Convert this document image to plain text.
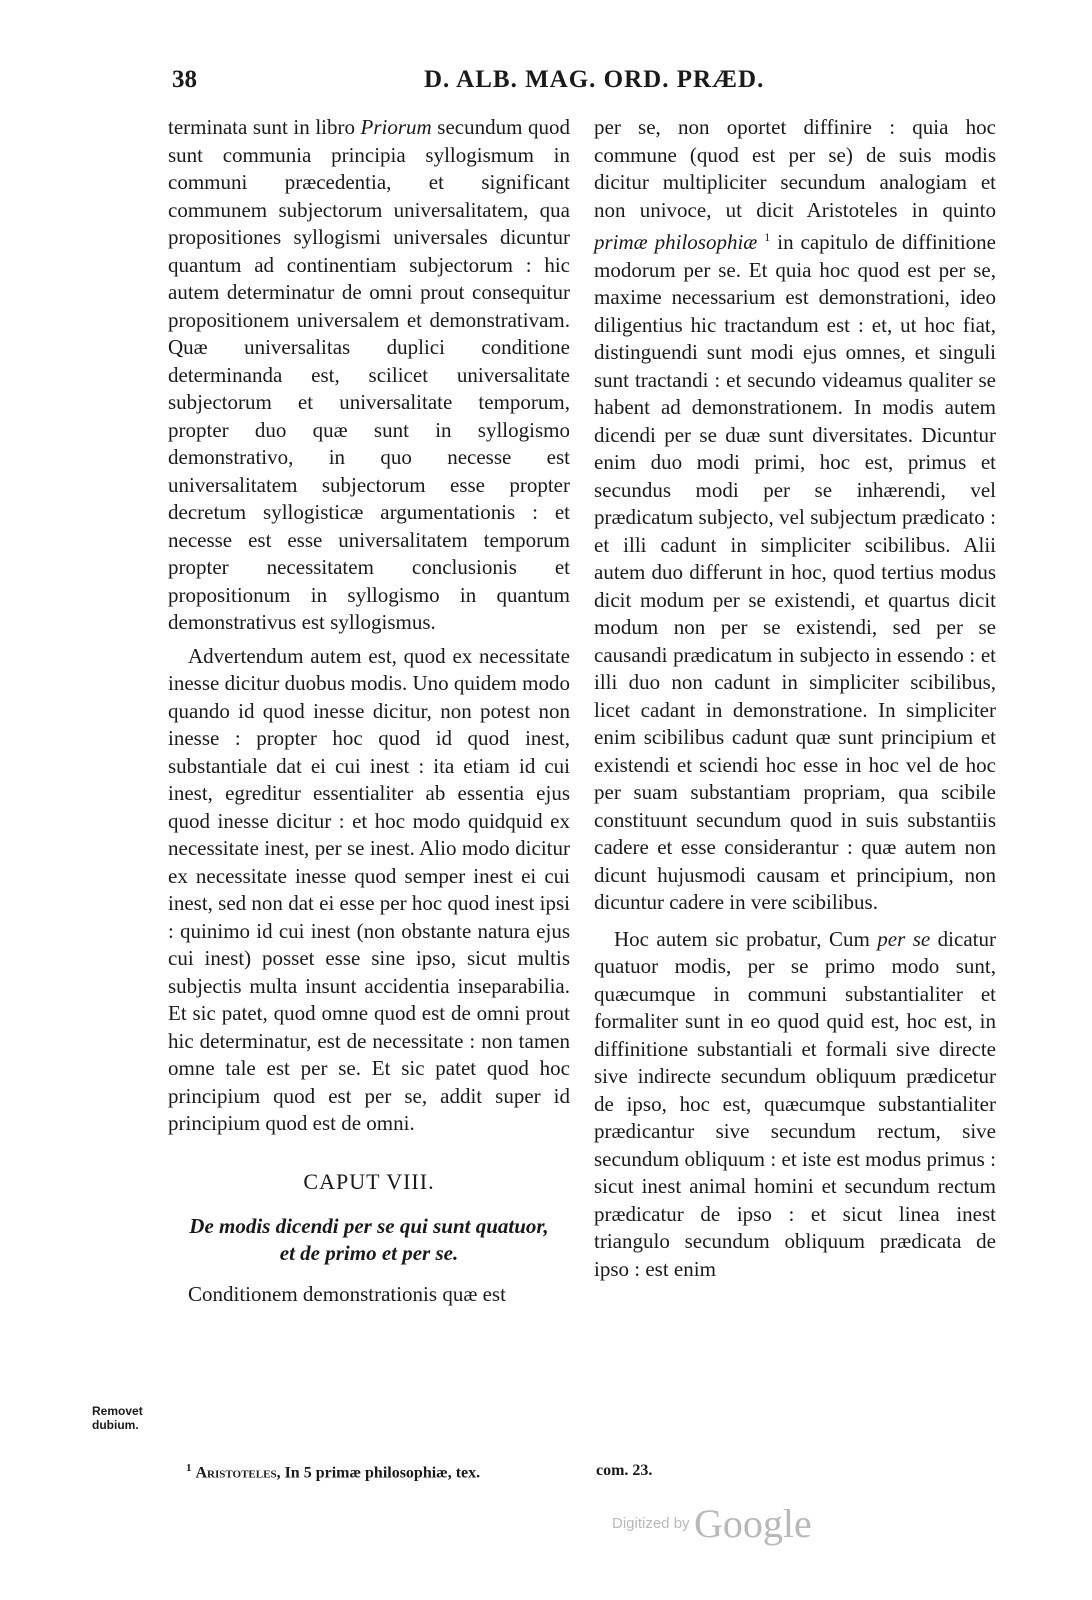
38	D. ALB. MAG. ORD. PRÆD.

terminata sunt in libro Priorum secundum quod sunt communia principia syllogismum in communi præcedentia, et significant communem subjectorum universalitatem, qua propositiones syllogismi universales dicuntur quantum ad continentiam subjectorum : hic autem determinatur de omni prout consequitur propositionem universalem et demonstrativam. Quæ universalitas duplici conditione determinanda est, scilicet universalitate subjectorum et universalitate temporum, propter duo quæ sunt in syllogismo demonstrativo, in quo necesse est universalitatem subjectorum esse propter decretum syllogisticæ argumentationis : et necesse est esse universalitatem temporum propter necessitatem conclusionis et propositionum in syllogismo in quantum demonstrativus est syllogismus.

Advertendum autem est, quod ex necessitate inesse dicitur duobus modis. Uno quidem modo quando id quod inesse dicitur, non potest non inesse : propter hoc quod id quod inest, substantiale dat ei cui inest : ita etiam id cui inest, egreditur essentialiter ab essentia ejus quod inesse dicitur : et hoc modo quidquid ex necessitate inest, per se inest. Alio modo dicitur ex necessitate inesse quod semper inest ei cui inest, sed non dat ei esse per hoc quod inest ipsi : quinimo id cui inest (non obstante natura ejus cui inest) posset esse sine ipso, sicut multis subjectis multa insunt accidentia inseparabilia. Et sic patet, quod omne quod est de omni prout hic determinatur, est de necessitate : non tamen omne tale est per se. Et sic patet quod hoc principium quod est per se, addit super id principium quod est de omni.

CAPUT VIII.
De modis dicendi per se qui sunt quatuor,
et de primo et per se.

Conditionem demonstrationis quæ est

per se, non oportet diffinire : quia hoc commune (quod est per se) de suis modis dicitur multipliciter secundum analogiam et non univoce, ut dicit Aristoteles in quinto primæ philosophiæ $^1$ in capitulo de diffinitione modorum per se. Et quia hoc quod est per se, maxime necessarium est demonstrationi, ideo diligentius hic tractandum est : et, ut hoc fiat, distinguendi sunt modi ejus omnes, et singuli sunt tractandi : et secundo videamus qualiter se habent ad demonstrationem. In modis autem dicendi per se duæ sunt diversitates. Dicuntur enim duo modi primi, hoc est, primus et secundus modi per se inhærendi, vel prædicatum subjecto, vel subjectum prædicato : et illi cadunt in simpliciter scibilibus. Alii autem duo differunt in hoc, quod tertius modus dicit modum per se existendi, et quartus dicit modum non per se existendi, sed per se causandi prædicatum in subjecto in essendo : et illi duo non cadunt in simpliciter scibilibus, licet cadant in demonstratione. In simpliciter enim scibilibus cadunt quæ sunt principium et existendi et sciendi hoc esse in hoc vel de hoc per suam substantiam propriam, qua scibile constituunt secundum quod in suis substantiis cadere et esse considerantur : quæ autem non dicunt hujusmodi causam et principium, non dicuntur cadere in vere scibilibus.

Hoc autem sic probatur, Cum per se dicatur quatuor modis, per se primo modo sunt, quæcumque in communi substantialiter et formaliter sunt in eo quod quid est, hoc est, in diffinitione substantiali et formali sive directe sive indirecte secundum obliquum prædicetur de ipso, hoc est, quæcumque substantialiter prædicantur sive secundum rectum, sive secundum obliquum : et iste est modus primus : sicut inest animal homini et secundum rectum prædicatur de ipso : et sicut linea inest triangulo secundum obliquum prædicata de ipso : est enim

Removet
dubium.
$^1$ Aristoteles, In 5 primæ philosophiæ, tex.	com. 23.
Digitized by Google
